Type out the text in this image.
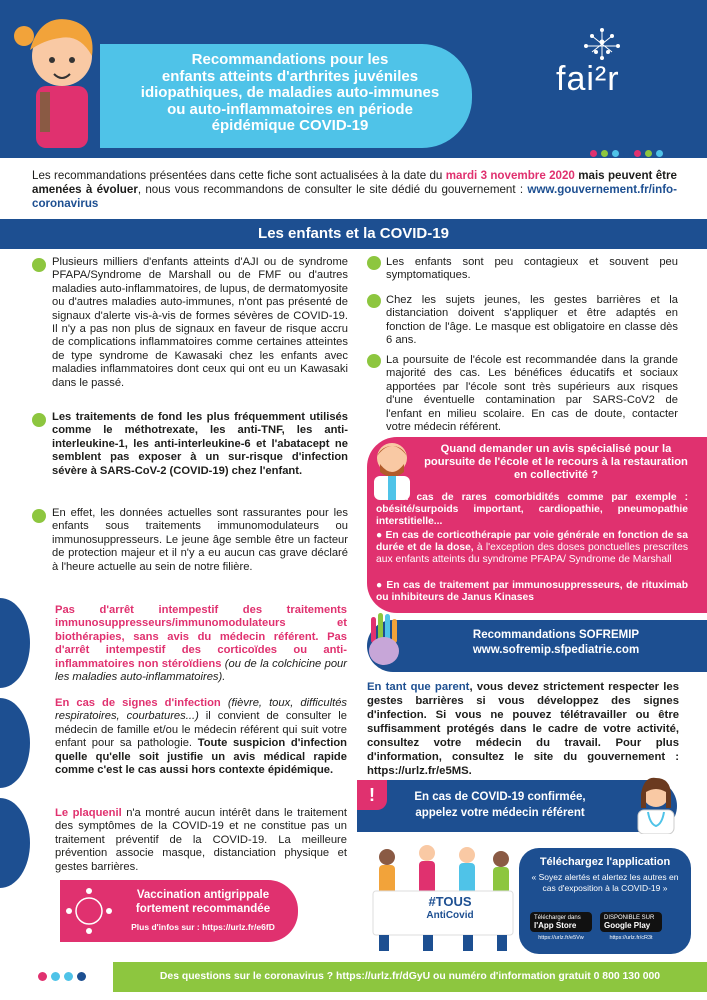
Recommandations pour les
enfants atteints d'arthrites juvéniles
idiopathiques, de maladies auto-immunes
ou auto-inflammatoires en période
épidémique COVID-19
fai²r
Les recommandations présentées dans cette fiche sont actualisées à la date du mardi 3 novembre 2020 mais peuvent être amenées à évoluer, nous vous recommandons de consulter le site dédié du gouvernement : www.gouvernement.fr/info-coronavirus
Les enfants et la COVID-19
Plusieurs milliers d'enfants atteints d'AJI ou de syndrome PFAPA/Syndrome de Marshall ou de FMF ou d'autres maladies auto-inflammatoires, de lupus, de dermatomyosite ou d'autres maladies auto-immunes, n'ont pas présenté de signaux d'alerte vis-à-vis de formes sévères de COVID-19. Il n'y a pas non plus de signaux en faveur de risque accru de complications inflammatoires comme certaines atteintes de type syndrome de Kawasaki chez les enfants avec maladies inflammatoires dont ceux qui ont eu un Kawasaki dans le passé.
Les traitements de fond les plus fréquemment utilisés comme le méthotrexate, les anti-TNF, les anti-interleukine-1, les anti-interleukine-6 et l'abatacept ne semblent pas exposer à un sur-risque d'infection sévère à SARS-CoV-2 (COVID-19) chez l'enfant.
En effet, les données actuelles sont rassurantes pour les enfants sous traitements immunomodulateurs ou immunosuppresseurs. Le jeune âge semble être un facteur de protection majeur et il n'y a eu aucun cas grave déclaré à l'heure actuelle au sein de notre filière.
Les enfants sont peu contagieux et souvent peu symptomatiques.
Chez les sujets jeunes, les gestes barrières et la distanciation doivent s'appliquer et être adaptés en fonction de l'âge. Le masque est obligatoire en classe dès 6 ans.
La poursuite de l'école est recommandée dans la grande majorité des cas. Les bénéfices éducatifs et sociaux apportées par l'école sont très supérieurs aux risques d'une éventuelle contamination par SARS-CoV2 de l'enfant en milieu scolaire. En cas de doute, contacter votre médecin référent.
Quand demander un avis spécialisé pour la poursuite de l'école et le recours à la restauration en collectivité ?
● En cas de rares comorbidités comme par exemple : obésité/surpoids important, cardiopathie, pneumopathie interstitielle...
● En cas de corticothérapie par voie générale en fonction de sa durée et de la dose, à l'exception des doses ponctuelles prescrites aux enfants atteints du syndrome PFAPA/ Syndrome de Marshall
● En cas de traitement par immunosuppresseurs, de rituximab ou inhibiteurs de Janus Kinases
Recommandations SOFREMIP
www.sofremip.sfpediatrie.com
Pas d'arrêt intempestif des traitements immunosuppresseurs/immunomodulateurs et biothérapies, sans avis du médecin référent. Pas d'arrêt intempestif des corticoïdes ou anti-inflammatoires non stéroïdiens (ou de la colchicine pour les maladies auto-inflammatoires).
En cas de signes d'infection (fièvre, toux, difficultés respiratoires, courbatures...) il convient de consulter le médecin de famille et/ou le médecin référent qui suit votre enfant pour sa pathologie. Toute suspicion d'infection quelle qu'elle soit justifie un avis médical rapide comme c'est le cas aussi hors contexte épidémique.
Le plaquenil n'a montré aucun intérêt dans le traitement des symptômes de la COVID-19 et ne constitue pas un traitement préventif de la COVID-19. La meilleure prévention associe masque, distanciation physique et gestes barrières.
En tant que parent, vous devez strictement respecter les gestes barrières si vous développez des signes d'infection. Si vous ne pouvez télétravailler ou être suffisamment protégés dans le cadre de votre activité, consultez votre médecin du travail. Pour plus d'information, consultez le site du gouvernement : https://urlz.fr/e5MS.
!	En cas de COVID-19 confirmée,
appelez votre médecin référent
#TOUS
AntiCovid
Téléchargez l'application
« Soyez alertés et alertez les autres en cas d'exposition à la COVID-19 »
Télécharger dans
l'App Store
DISPONIBLE SUR
Google Play
https://urlz.fr/e5Vw	https://urlz.fr/cR3t
Vaccination antigrippale
fortement recommandée
Plus d'infos sur : https://urlz.fr/e6fD
Des questions sur le coronavirus ? https://urlz.fr/dGyU ou numéro d'information gratuit 0 800 130 000
